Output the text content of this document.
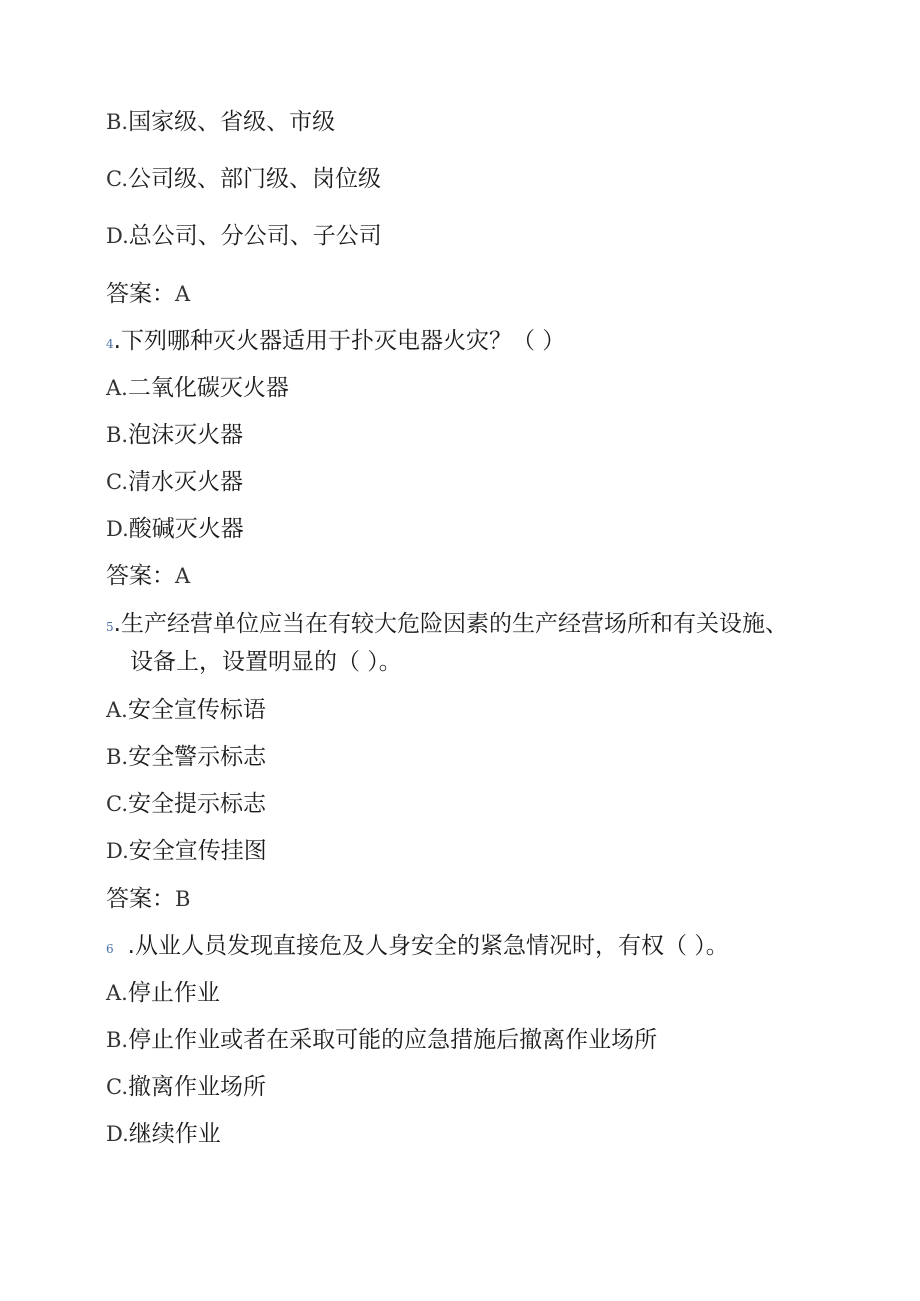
B.国家级、省级、市级
C.公司级、部门级、岗位级
D.总公司、分公司、子公司
答案：A
4.下列哪种灭火器适用于扑灭电器火灾？（ ）
A.二氧化碳灭火器
B.泡沫灭火器
C.清水灭火器
D.酸碱灭火器
答案：A
5.生产经营单位应当在有较大危险因素的生产经营场所和有关设施、
设备上，设置明显的（ ）。
A.安全宣传标语
B.安全警示标志
C.安全提示标志
D.安全宣传挂图
答案：B
6 .从业人员发现直接危及人身安全的紧急情况时，有权（ ）。
A.停止作业
B.停止作业或者在采取可能的应急措施后撤离作业场所
C.撤离作业场所
D.继续作业
